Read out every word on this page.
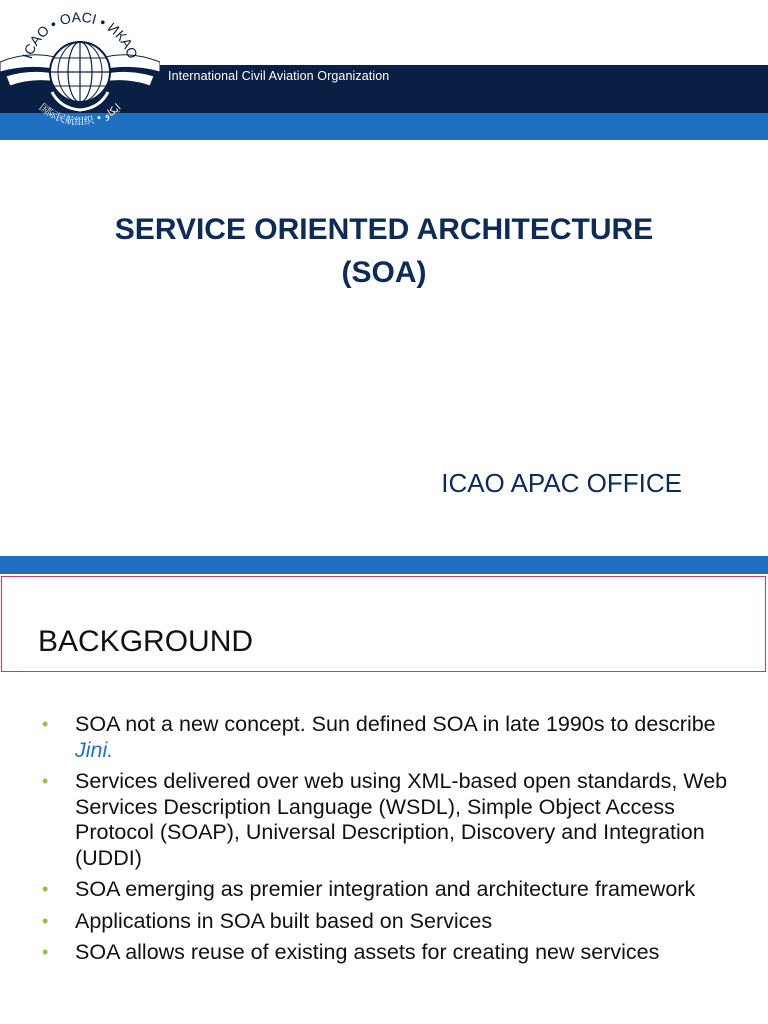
International Civil Aviation Organization
ICAO • OACI • ИКАО
国际民航组织 • ايكاو
SERVICE ORIENTED ARCHITECTURE
(SOA)
ICAO APAC OFFICE
BACKGROUND
• SOA not a new concept. Sun defined SOA in late 1990s to describe Jini.
• Services delivered over web using XML-based open standards, Web Services Description Language (WSDL), Simple Object Access Protocol (SOAP), Universal Description, Discovery and Integration (UDDI)
• SOA emerging as premier integration and architecture framework
• Applications in SOA built based on Services
• SOA allows reuse of existing assets for creating new services
